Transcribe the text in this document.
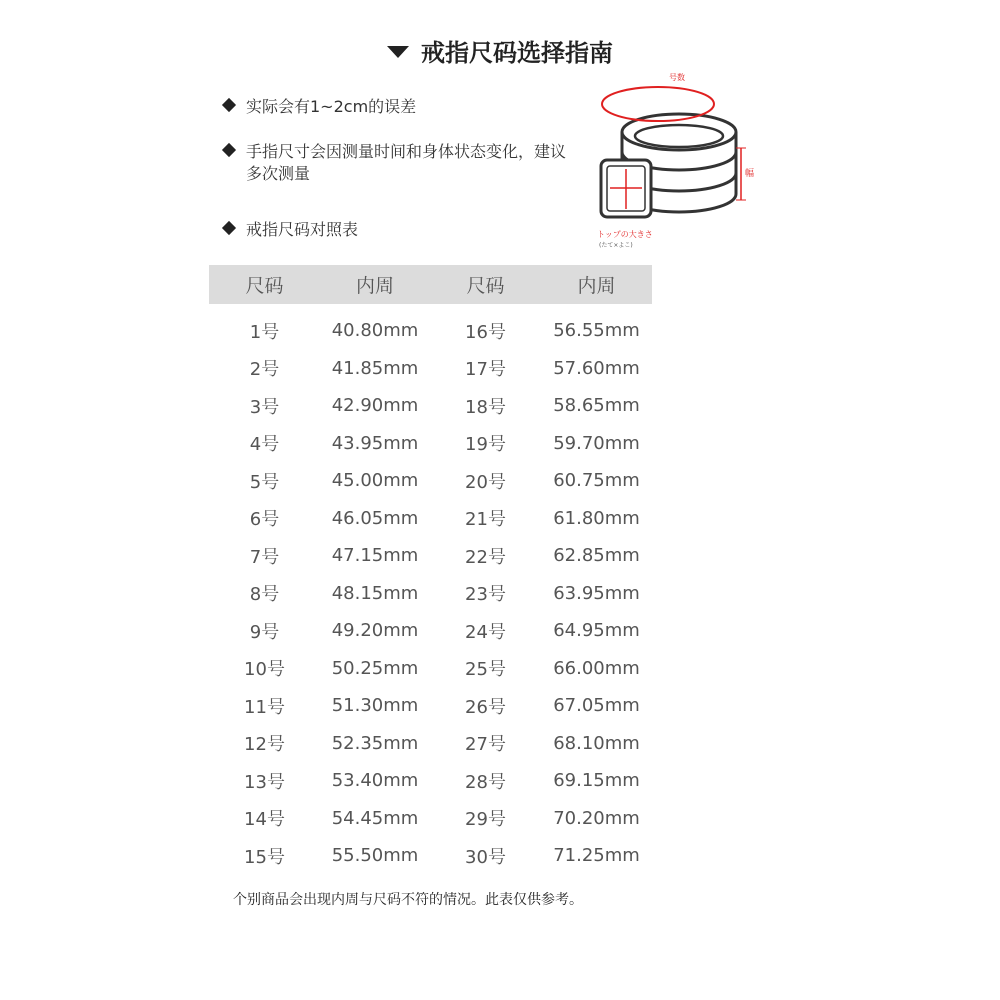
戒指尺码选择指南
实际会有1~2cm的误差
手指尺寸会因测量时间和身体状态变化，建议多次测量
戒指尺码对照表
号数
幅
トップの大きさ
(たて×よこ)
尺码	内周	尺码	内周
1号	40.80mm	16号	56.55mm
2号	41.85mm	17号	57.60mm
3号	42.90mm	18号	58.65mm
4号	43.95mm	19号	59.70mm
5号	45.00mm	20号	60.75mm
6号	46.05mm	21号	61.80mm
7号	47.15mm	22号	62.85mm
8号	48.15mm	23号	63.95mm
9号	49.20mm	24号	64.95mm
10号	50.25mm	25号	66.00mm
11号	51.30mm	26号	67.05mm
12号	52.35mm	27号	68.10mm
13号	53.40mm	28号	69.15mm
14号	54.45mm	29号	70.20mm
15号	55.50mm	30号	71.25mm
个别商品会出现内周与尺码不符的情况。此表仅供参考。
